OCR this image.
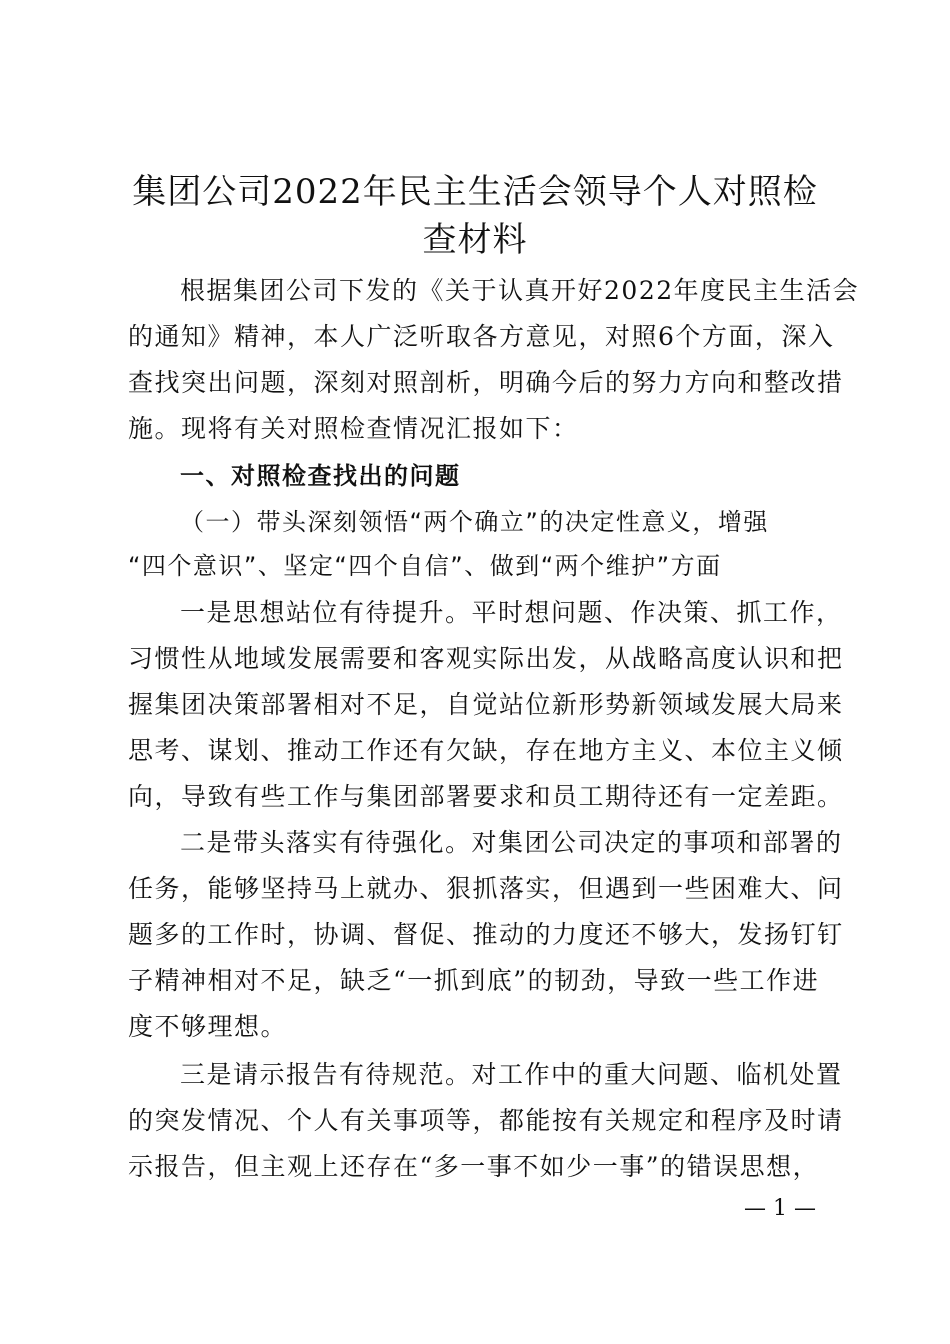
集团公司2022年民主生活会领导个人对照检
查材料
根据集团公司下发的《关于认真开好2022年度民主生活会
的通知》精神，本人广泛听取各方意见，对照6个方面，深入
查找突出问题，深刻对照剖析，明确今后的努力方向和整改措
施。现将有关对照检查情况汇报如下：
一、对照检查找出的问题
（一）带头深刻领悟“两个确立”的决定性意义，增强
“四个意识”、坚定“四个自信”、做到“两个维护”方面
一是思想站位有待提升。平时想问题、作决策、抓工作，
习惯性从地域发展需要和客观实际出发，从战略高度认识和把
握集团决策部署相对不足，自觉站位新形势新领域发展大局来
思考、谋划、推动工作还有欠缺，存在地方主义、本位主义倾
向，导致有些工作与集团部署要求和员工期待还有一定差距。
二是带头落实有待强化。对集团公司决定的事项和部署的
任务，能够坚持马上就办、狠抓落实，但遇到一些困难大、问
题多的工作时，协调、督促、推动的力度还不够大，发扬钉钉
子精神相对不足，缺乏“一抓到底”的韧劲，导致一些工作进
度不够理想。
三是请示报告有待规范。对工作中的重大问题、临机处置
的突发情况、个人有关事项等，都能按有关规定和程序及时请
示报告，但主观上还存在“多一事不如少一事”的错误思想，
— 1 —
